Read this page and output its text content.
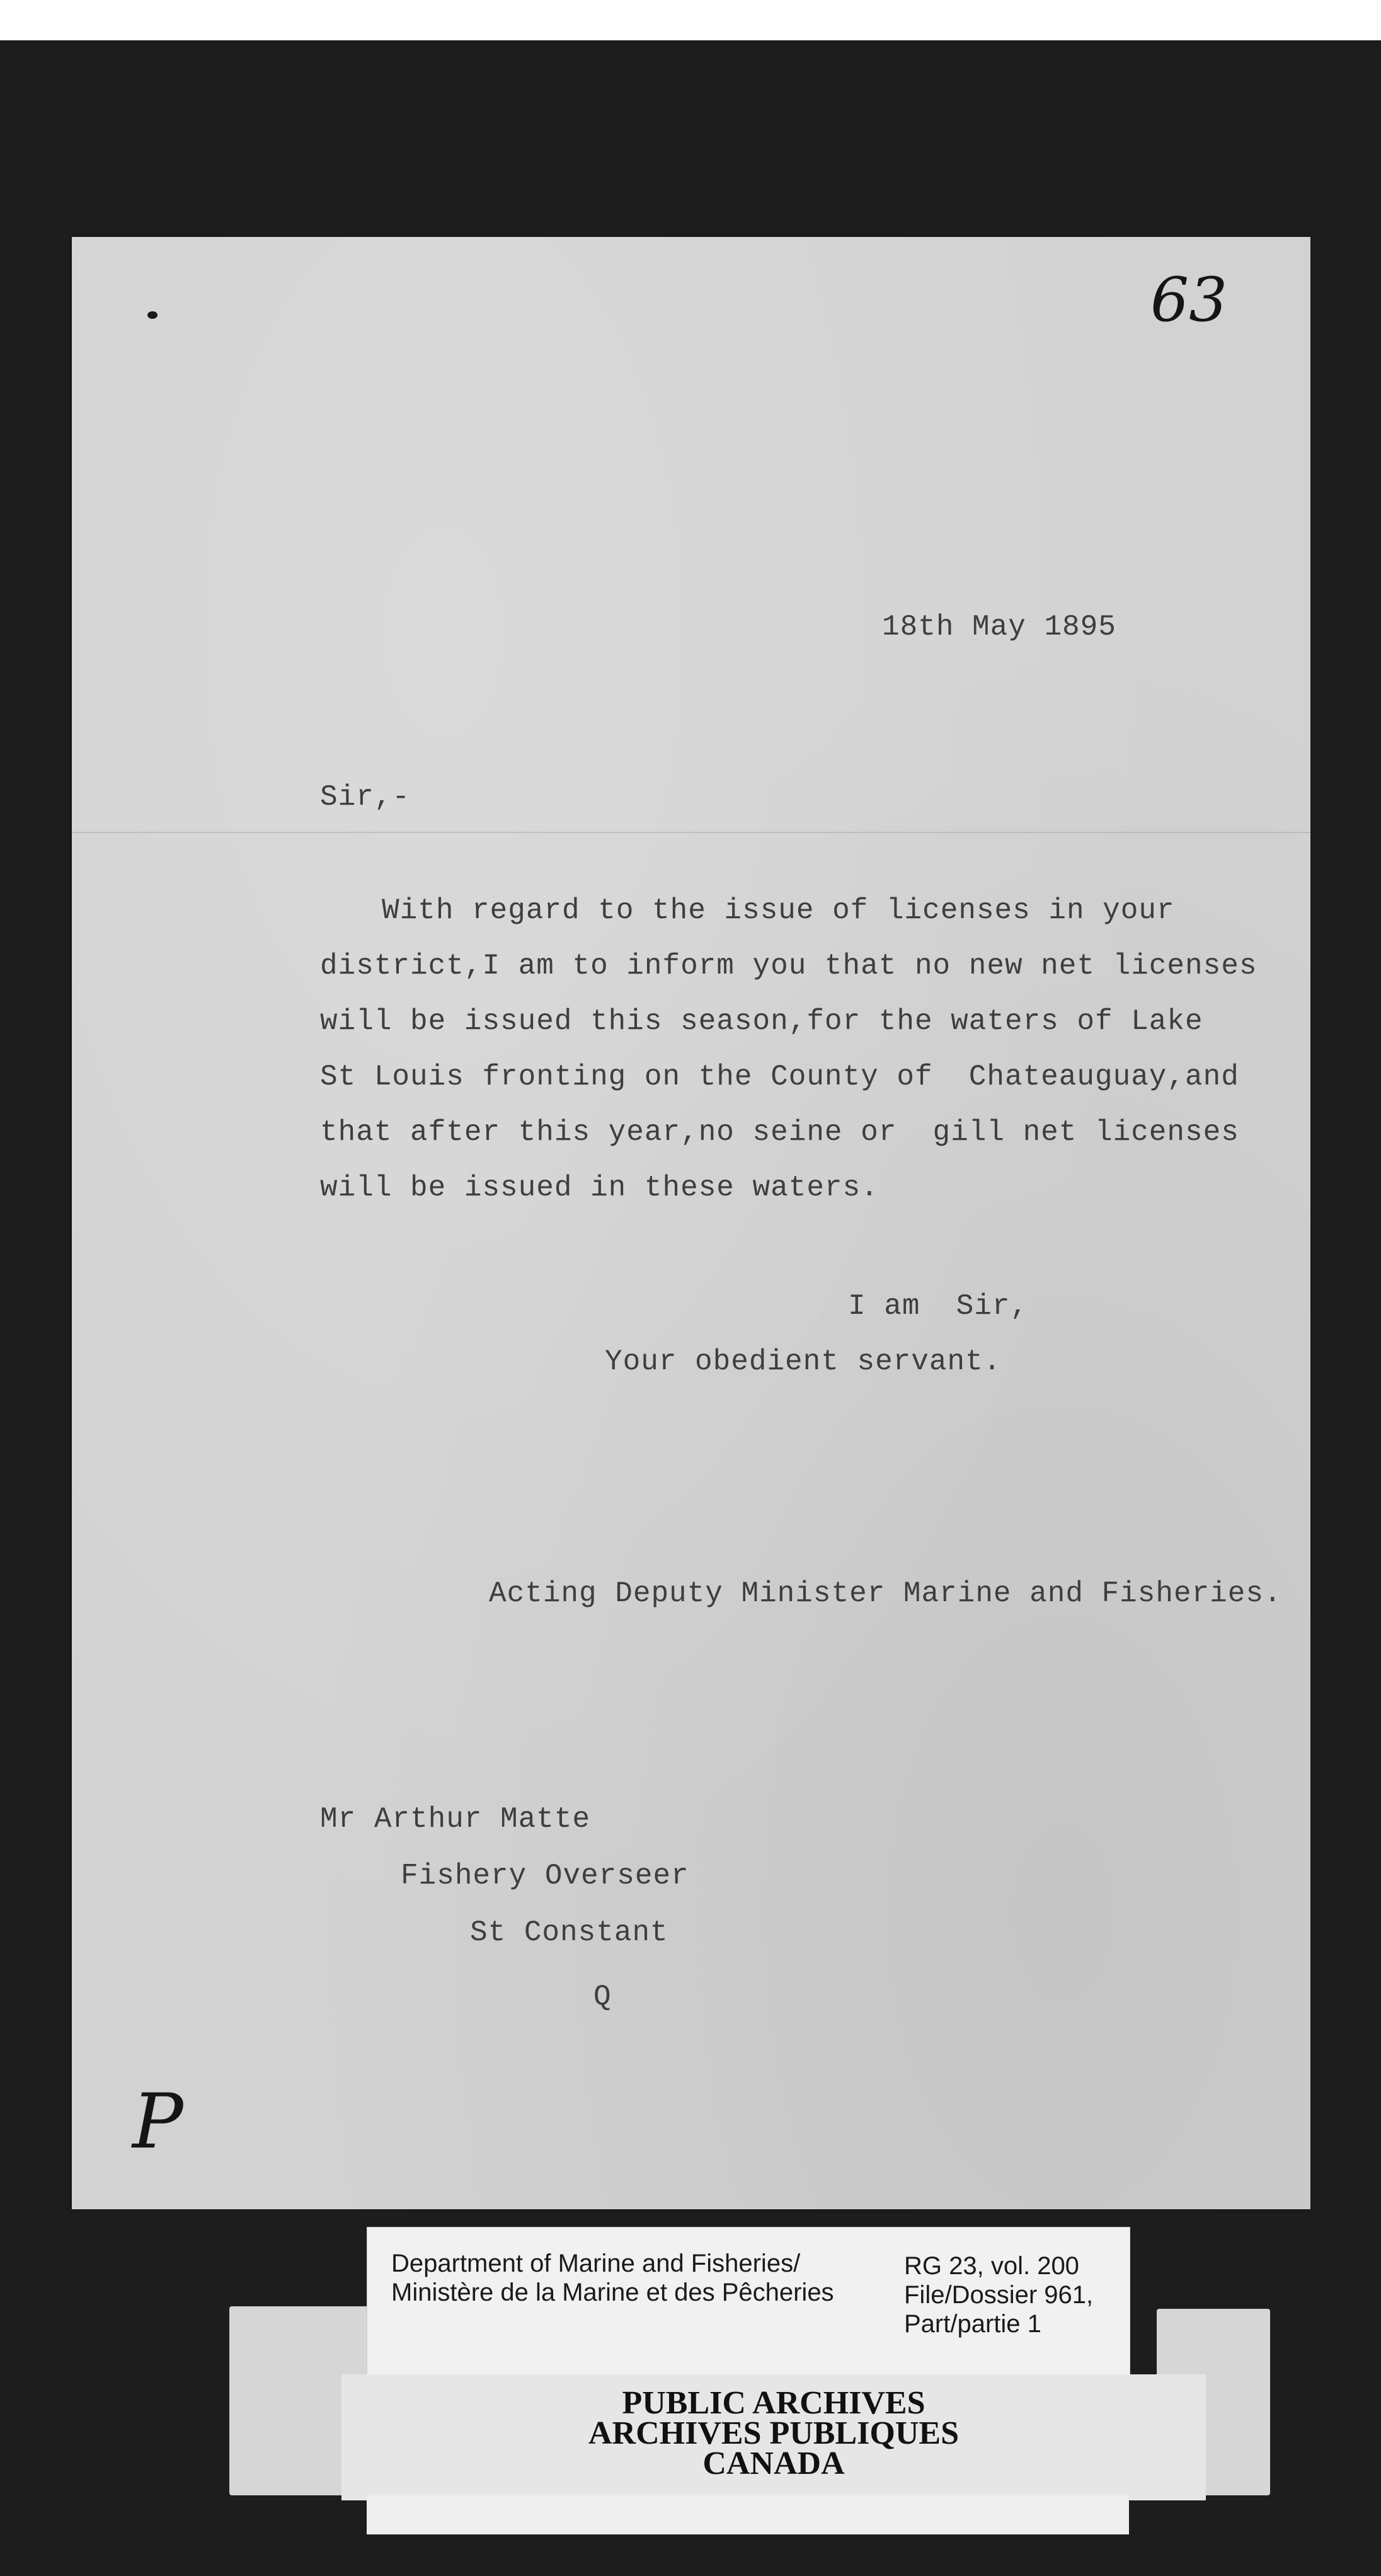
63
18th May 1895
Sir,-
With regard to the issue of licenses in your
district,I am to inform you that no new net licenses
will be issued this season,for the waters of Lake
St Louis fronting on the County of  Chateauguay,and
that after this year,no seine or  gill net licenses
will be issued in these waters.
I am  Sir,
Your obedient servant.
Acting Deputy Minister Marine and Fisheries.
Mr Arthur Matte
Fishery Overseer
St Constant
Q
P
Department of Marine and Fisheries/
Ministère de la Marine et des Pêcheries
RG 23, vol. 200
File/Dossier 961,
Part/partie 1
PUBLIC ARCHIVES
ARCHIVES PUBLIQUES
CANADA
